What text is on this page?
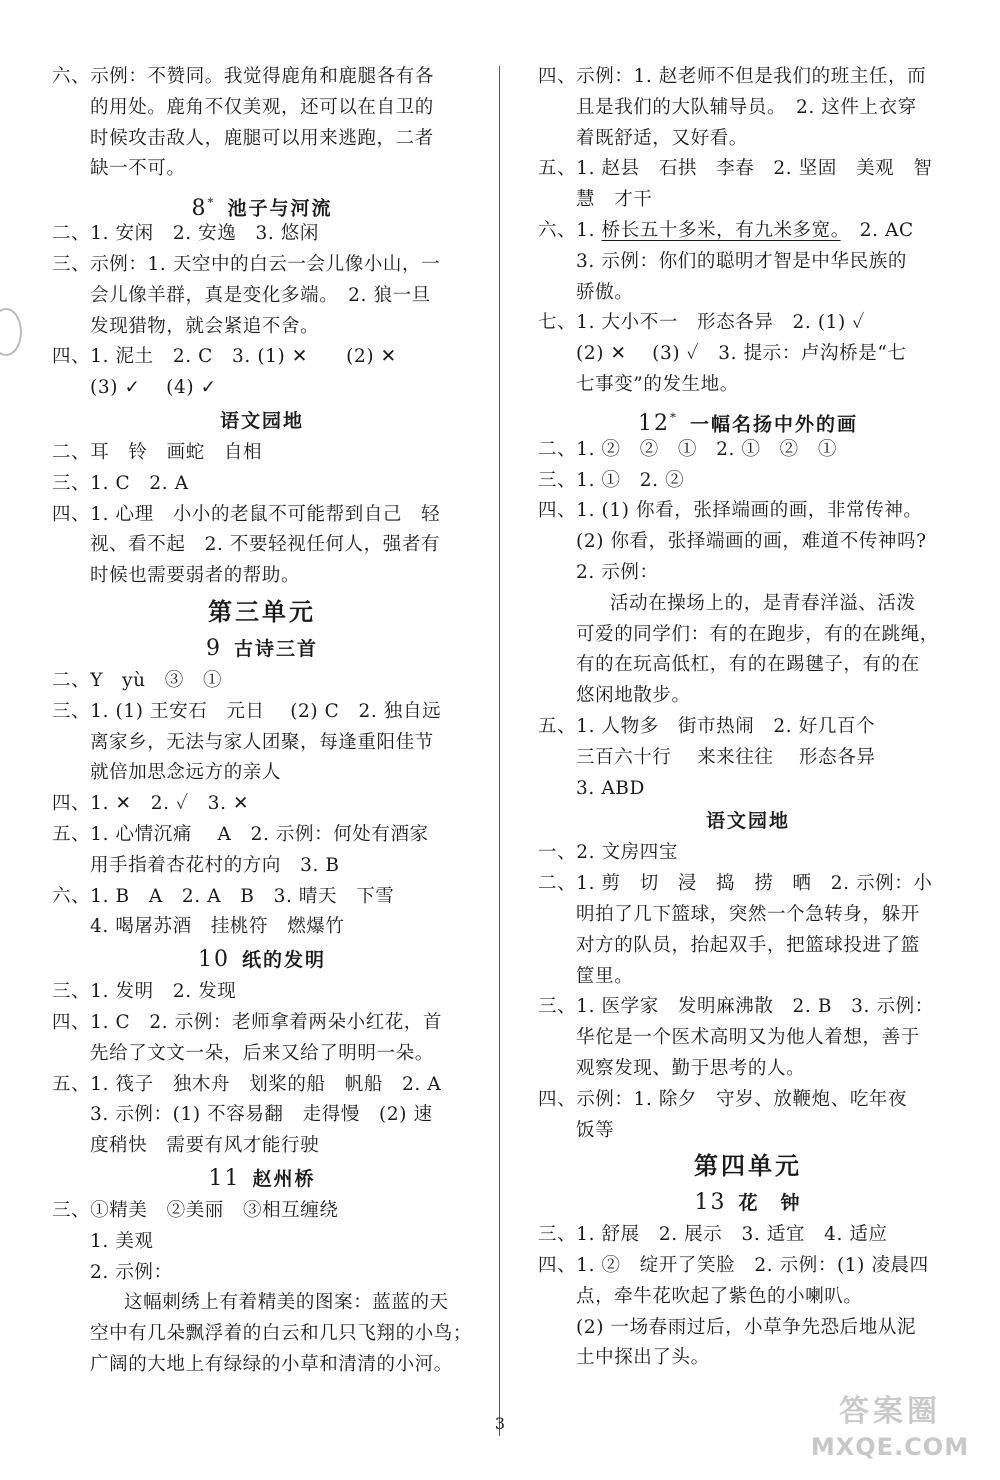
六、示例：不赞同。我觉得鹿角和鹿腿各有各
的用处。鹿角不仅美观，还可以在自卫的
时候攻击敌人，鹿腿可以用来逃跑，二者
缺一不可。
8* 池子与河流
二、1. 安闲　2. 安逸　3. 悠闲
三、示例：1. 天空中的白云一会儿像小山，一
会儿像羊群，真是变化多端。　2. 狼一旦
发现猎物，就会紧追不舍。
四、1. 泥土　2. C　3. (1) ✕　　(2) ✕
(3) ✓　 (4) ✓
语文园地
二、耳　铃　画蛇　自相
三、1. C　2. A
四、1. 心理　小小的老鼠不可能帮到自己　轻
视、看不起　2. 不要轻视任何人，强者有
时候也需要弱者的帮助。
第三单元
9 古诗三首
二、Y　yù　③　①
三、1. (1) 王安石　元日　 (2) C　2. 独自远
离家乡，无法与家人团聚，每逢重阳佳节
就倍加思念远方的亲人
四、1. ✕　2. ✓　3. ✕
五、1. 心情沉痛　 A　2. 示例：何处有酒家
用手指着杏花村的方向　3. B
六、1. B　A　2. A　B　3. 晴天　下雪
4. 喝屠苏酒　挂桃符　燃爆竹
10 纸的发明
三、1. 发明　2. 发现
四、1. C　2. 示例：老师拿着两朵小红花，首
先给了文文一朵，后来又给了明明一朵。
五、1. 筏子　独木舟　划桨的船　帆船　2. A
3. 示例：(1) 不容易翻　走得慢　(2) 速
度稍快　需要有风才能行驶
11 赵州桥
三、①精美　②美丽　③相互缠绕
1. 美观
2. 示例：
这幅刺绣上有着精美的图案：蓝蓝的天
空中有几朵飘浮着的白云和几只飞翔的小鸟；
广阔的大地上有绿绿的小草和清清的小河。
四、示例：1. 赵老师不但是我们的班主任，而
且是我们的大队辅导员。　2. 这件上衣穿
着既舒适，又好看。
五、1. 赵县　石拱　李春　2. 坚固　美观　智
慧　才干
六、1. 桥长五十多米，有九米多宽。　2. AC
3. 示例：你们的聪明才智是中华民族的
骄傲。
七、1. 大小不一　形态各异　2. (1) ✓
(2) ✕　 (3) ✓　3. 提示：卢沟桥是“七
七事变”的发生地。
12* 一幅名扬中外的画
二、1. ②　②　①　2. ①　②　①
三、1. ①　2. ②
四、1. (1) 你看，张择端画的画，非常传神。
(2) 你看，张择端画的画，难道不传神吗?
2. 示例：
活动在操场上的，是青春洋溢、活泼
可爱的同学们：有的在跑步，有的在跳绳，
有的在玩高低杠，有的在踢毽子，有的在
悠闲地散步。
五、1. 人物多　街市热闹　2. 好几百个
三百六十行　 来来往往　 形态各异
3. ABD
语文园地
一、2. 文房四宝
二、1. 剪　切　浸　捣　捞　晒　2. 示例：小
明拍了几下篮球，突然一个急转身，躲开
对方的队员，抬起双手，把篮球投进了篮
筐里。
三、1. 医学家　发明麻沸散　2. B　3. 示例：
华佗是一个医术高明又为他人着想，善于
观察发现、勤于思考的人。
四、示例：1. 除夕　守岁、放鞭炮、吃年夜
饭等
第四单元
13 花　钟
三、1. 舒展　2. 展示　3. 适宜　4. 适应
四、1. ②　绽开了笑脸　2. 示例：(1) 凌晨四
点，牵牛花吹起了紫色的小喇叭。
(2) 一场春雨过后，小草争先恐后地从泥
土中探出了头。
3	答案圈
MXQE.COM
